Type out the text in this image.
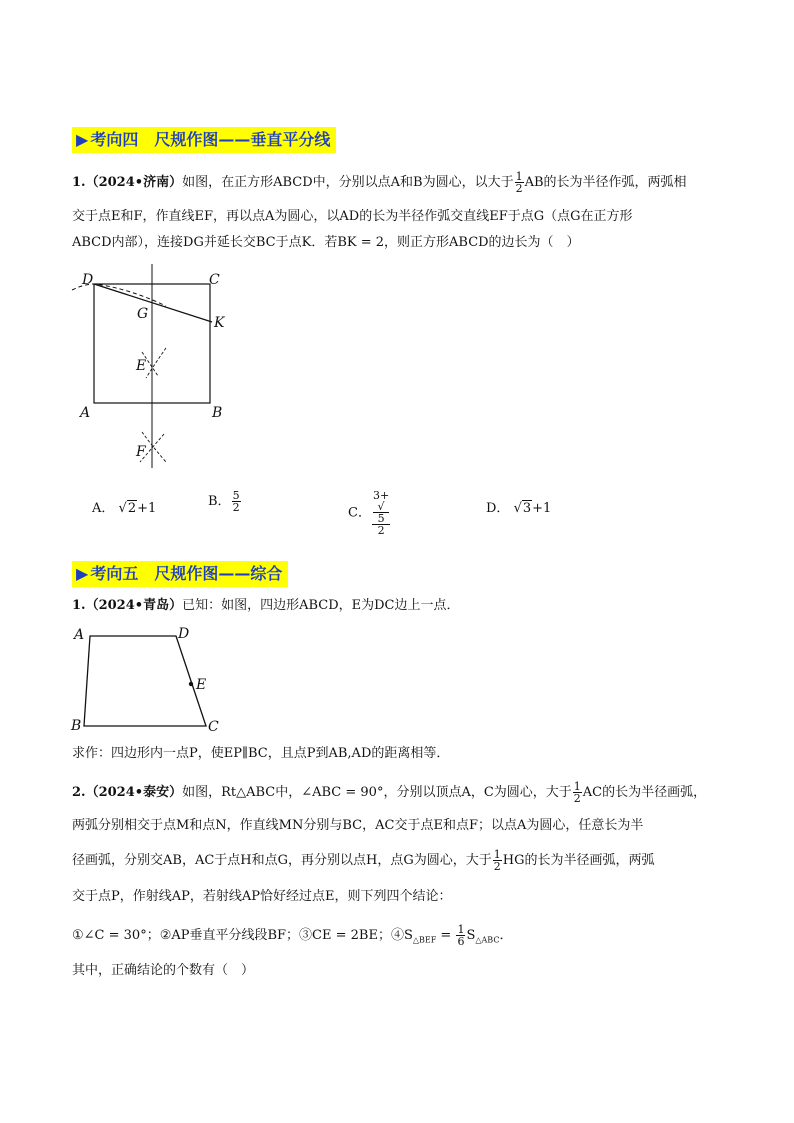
▶ 考向四　尺规作图——垂直平分线
1.（2024•济南）如图，在正方形ABCD中，分别以点A和B为圆心，以大于 $\frac{1}{2}$ AB的长为半径作弧，两弧相
交于点E和F，作直线EF，再以点A为圆心，以AD的长为半径作弧交直线EF于点G（点G在正方形
ABCD内部），连接DG并延长交BC于点K．若BK = 2，则正方形ABCD的边长为（　）
D	C
G
K
E
A	B
F
A． √2+1	B． $\frac{5}{2}$	C． 3+
√
5
2	D． √3+1
▶ 考向五　尺规作图——综合
1.（2024•青岛）已知：如图，四边形ABCD，E为DC边上一点．
A	D
E
B	C
求作：四边形内一点P，使EP∥BC，且点P到AB,AD的距离相等．
2.（2024•泰安）如图，Rt△ABC中，∠ABC = 90°，分别以顶点A，C为圆心，大于 $\frac{1}{2}$ AC的长为半径画弧，
两弧分别相交于点M和点N，作直线MN分别与BC，AC交于点E和点F；以点A为圆心，任意长为半
径画弧，分别交AB，AC于点H和点G，再分别以点H，点G为圆心，大于 $\frac{1}{2}$ HG的长为半径画弧，两弧
交于点P，作射线AP，若射线AP恰好经过点E，则下列四个结论：
①∠C = 30°；②AP垂直平分线段BF；③CE = 2BE；$④S_{\triangle BEF} = \frac{1}{6} S_{\triangle ABC}$．
其中，正确结论的个数有（　）
